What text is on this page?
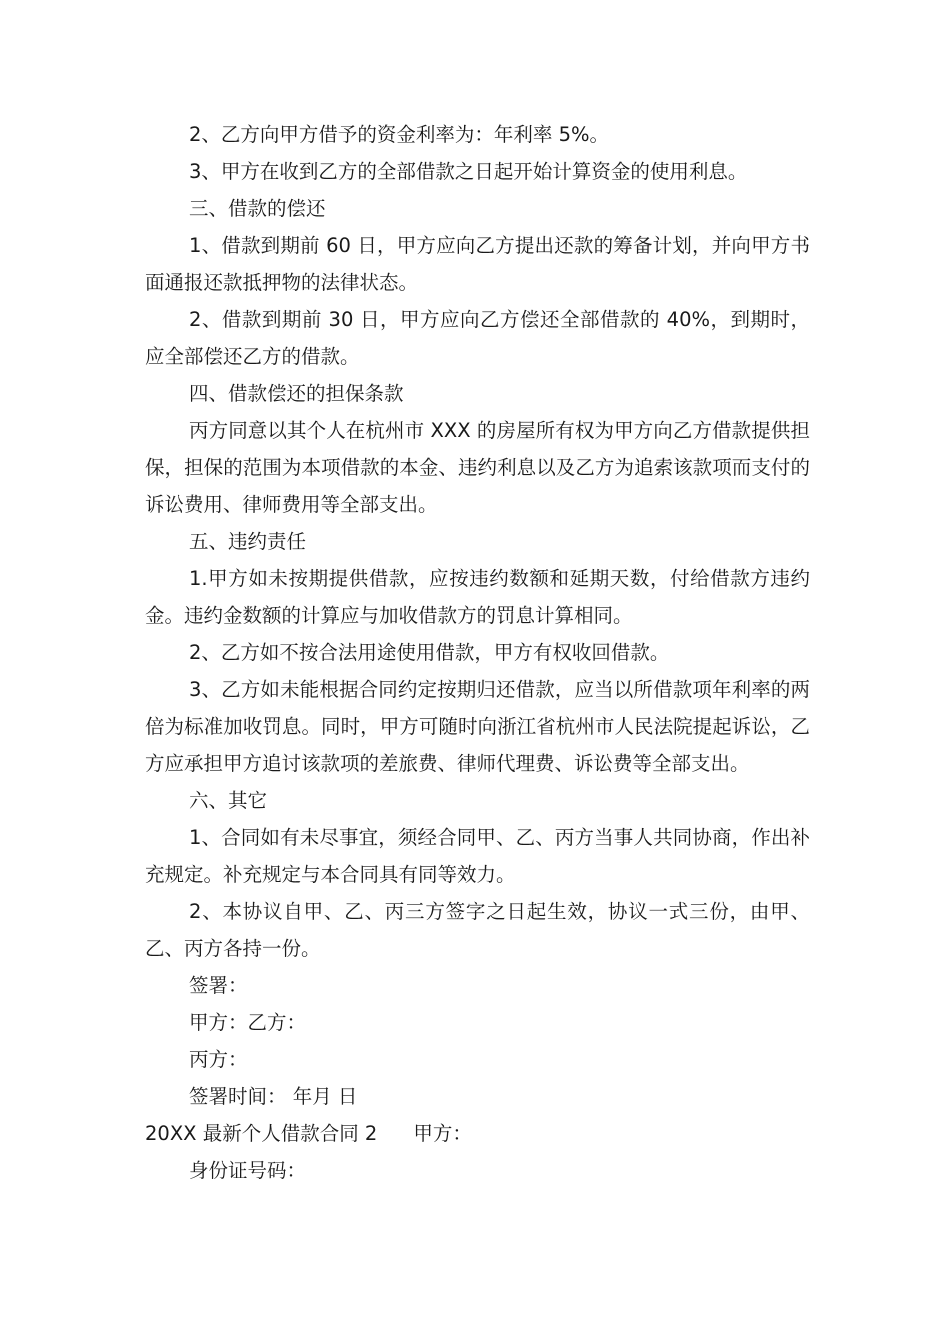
2、乙方向甲方借予的资金利率为：年利率 5%。

3、甲方在收到乙方的全部借款之日起开始计算资金的使用利息。

三、借款的偿还

1、借款到期前 60 日，甲方应向乙方提出还款的筹备计划，并向甲方书面通报还款抵押物的法律状态。

2、借款到期前 30 日，甲方应向乙方偿还全部借款的 40%，到期时，应全部偿还乙方的借款。

四、借款偿还的担保条款

丙方同意以其个人在杭州市 XXX 的房屋所有权为甲方向乙方借款提供担保，担保的范围为本项借款的本金、违约利息以及乙方为追索该款项而支付的诉讼费用、律师费用等全部支出。

五、违约责任

1.甲方如未按期提供借款，应按违约数额和延期天数，付给借款方违约金。违约金数额的计算应与加收借款方的罚息计算相同。

2、乙方如不按合法用途使用借款，甲方有权收回借款。

3、乙方如未能根据合同约定按期归还借款，应当以所借款项年利率的两倍为标准加收罚息。同时，甲方可随时向浙江省杭州市人民法院提起诉讼，乙方应承担甲方追讨该款项的差旅费、律师代理费、诉讼费等全部支出。

六、其它

1、合同如有未尽事宜，须经合同甲、乙、丙方当事人共同协商，作出补充规定。补充规定与本合同具有同等效力。

2、本协议自甲、乙、丙三方签字之日起生效，协议一式三份，由甲、乙、丙方各持一份。

签署：

甲方：乙方：

丙方：

签署时间： 年月 日

20XX 最新个人借款合同 2 甲方：

身份证号码：
